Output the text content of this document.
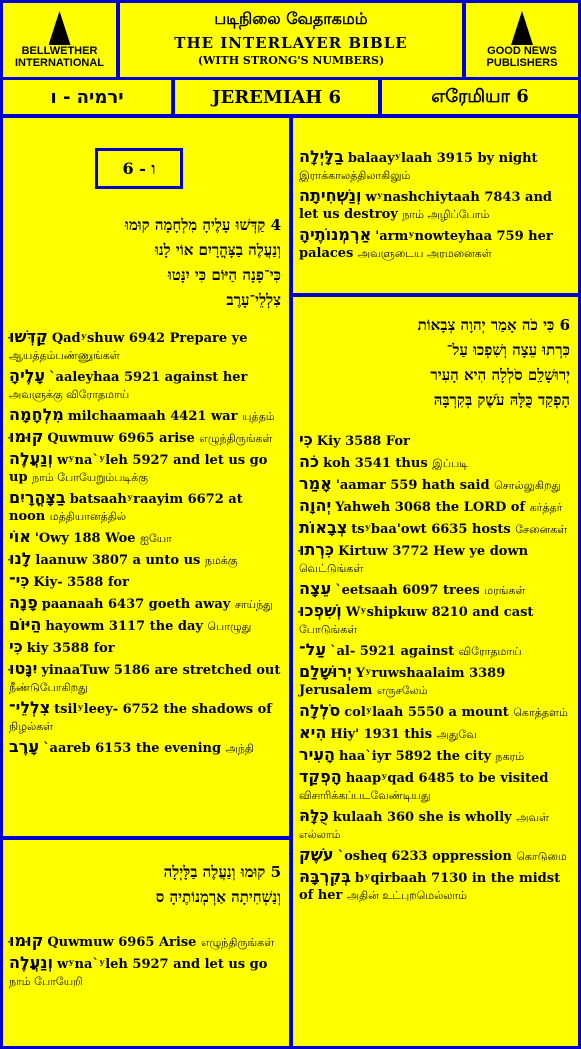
BELLWETHER INTERNATIONAL
படிநிலை வேதாகமம்
THE INTERLAYER BIBLE
(WITH STRONG'S NUMBERS)
GOOD NEWS PUBLISHERS
ירמיה - ו	JEREMIAH 6	எரேமியா 6
ו - 6
4 קַדְּשׁוּ עָלֶיהָ מִלְחָמָה קוּמוּ
וְנַעֲלֶה בַצָּהֳרָיִם אוֹי לָנוּ
כִּי־פָנָה הַיּוֹם כִּי יִנָּטוּ
צִלְלֵי־עָרֶב
קַדְּשׁוּ Qadʸshuw 6942 Prepare ye ஆயத்தம்பண்ணுங்கள்
עָלֶיהָ `aaleyhaa 5921 against her அவளுக்கு விரோதமாய்
מִלְחָמָה milchaamaah 4421 war யுத்தம்
קוּמוּ Quwmuw 6965 arise எழுந்திருங்கள்
וְנַעֲלֶה wʸna`ʸleh 5927 and let us go up நாம் போயேறும்படிக்கு
בַצָּהֳרָיִם batsaahʸraayim 6672 at noon மத்தியானத்தில்
אוֹי 'Owy 188 Woe ஐயோ
לָנוּ laanuw 3807 a unto us நமக்கு
כִּי־ Kiy- 3588 for
פָנָה paanaah 6437 goeth away சாய்ந்து
הַיּוֹם hayowm 3117 the day பொழுது
כִּי kiy 3588 for
יִנָּטוּ yinaaTuw 5186 are stretched out நீண்டுபோகிறது
צִלְלֵי־ tsilʸleey- 6752 the shadows of நிழல்கள்
עָרֶב `aareb 6153 the evening அந்தி
5 קוּמוּ וְנַעֲלֶה בַלָּיְלָה
וְנַשְׁחִיתָה אַרְמְנוֹתֶיהָ ס
קוּמוּ Quwmuw 6965 Arise எழுந்திருங்கள்
וְנַעֲלֶה wʸna`ʸleh 5927 and let us go நாம் போயேறி
בַלָּיְלָה balaayʸlaah 3915 by night இராக்காலத்திலாகிலும்
וְנַשְׁחִיתָה wʸnashchiytaah 7843 and let us destroy நாம் அழிப்போம்
אַרְמְנוֹתֶיהָ 'armʸnowteyhaa 759 her palaces அவளுடைய அரமனைகள்
6 כִּי כֹה אָמַר יְהוָה צְבָאוֹת
כִּרְתוּ עֵצָה וְשִׁפְכוּ עַל־
יְרוּשָׁלִַם סֹלְלָה הִיא הָעִיר
הָפְקַד כֻּלָּהּ עֹשֶׁק בְּקִרְבָּהּ
כִּי Kiy 3588 For
כֹה koh 3541 thus இப்படி
אָמַר 'aamar 559 hath said சொல்லுகிறது
יְהוָה Yahweh 3068 the LORD of கர்த்தர்
צְבָאוֹת tsʸbaa'owt 6635 hosts சேனைகள்
כִּרְתוּ Kirtuw 3772 Hew ye down வெட்டுங்கள்
עֵצָה `eetsaah 6097 trees மரங்கள்
וְשִׁפְכוּ Wʸshipkuw 8210 and cast போடுங்கள்
עַל־ `al- 5921 against விரோதமாய்
יְרוּשָׁלִַם Yʸruwshaalaim 3389 Jerusalem எருசலேம்
סֹלְלָה colʸlaah 5550 a mount கொத்தளம்
הִיא Hiy' 1931 this அதுவே
הָעִיר haa`iyr 5892 the city நகரம்
הָפְקַד haapʸqad 6485 to be visited விசாரிக்கப்படவேண்டியது
כֻּלָּהּ kulaah 360 she is wholly அவள் எல்லாம்
עֹשֶׁק `osheq 6233 oppression கொடுமை
בְּקִרְבָּהּ bʸqirbaah 7130 in the midst of her அதின் உட்புறமெல்லாம்
